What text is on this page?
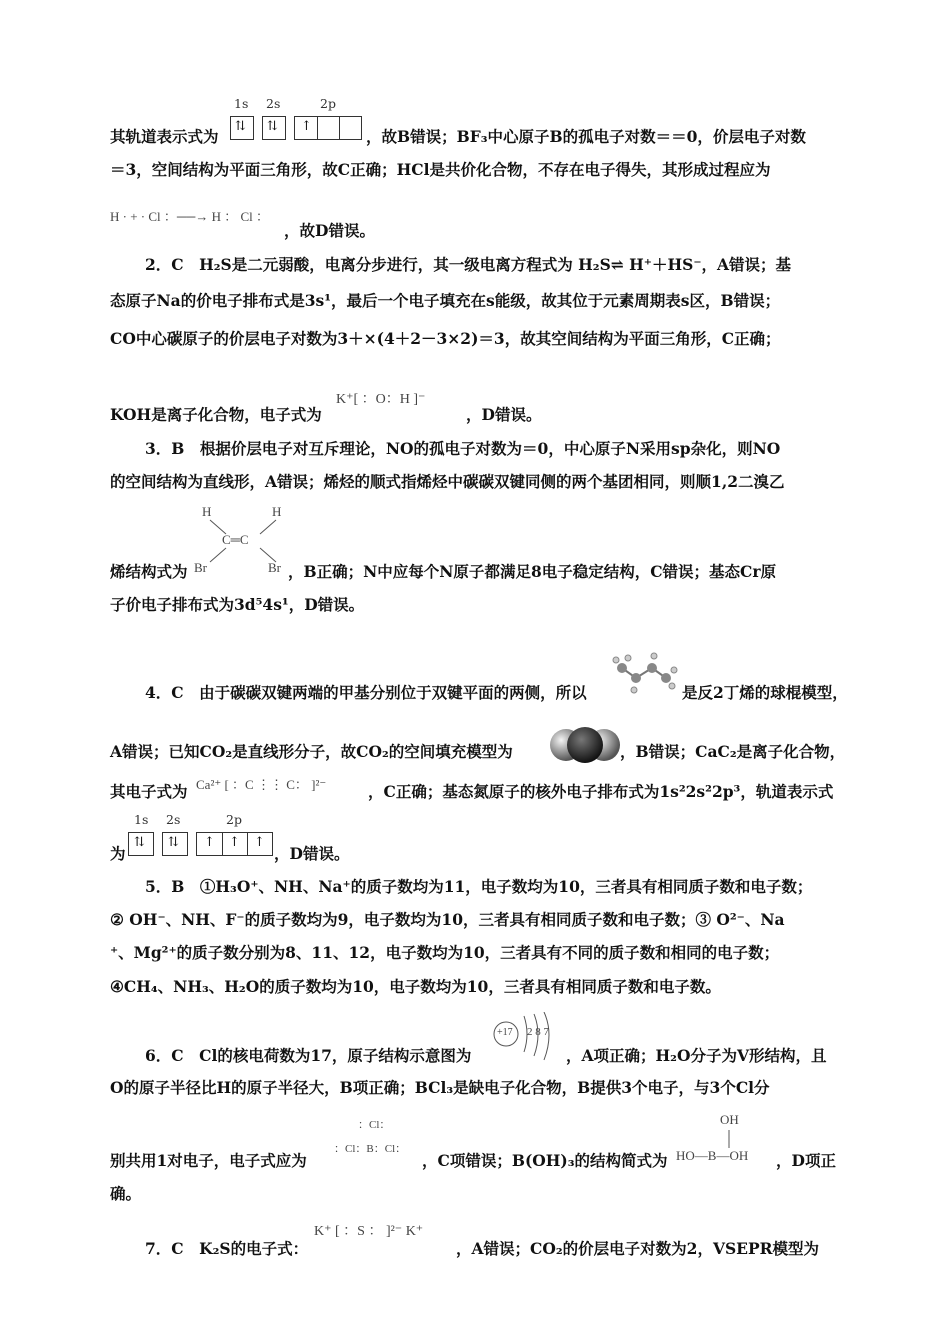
1s 2s	2p
⇅ ⇅ ↑
其轨道表示式为	，故B错误；BF₃中心原子B的孤电子对数＝＝0，价层电子对数
＝3，空间结构为平面三角形，故C正确；HCl是共价化合物，不存在电子得失，其形成过程应为
H · + · Cl ：──→ H ： Cl ：
，故D错误。
2．C　H₂S是二元弱酸，电离分步进行，其一级电离方程式为 H₂S⇌ H⁺＋HS⁻，A错误；基
态原子Na的价电子排布式是3s¹，最后一个电子填充在s能级，故其位于元素周期表s区，B错误；
CO中心碳原子的价层电子对数为3＋×(4＋2－3×2)＝3，故其空间结构为平面三角形，C正确；
K⁺[ ：O：H ]⁻
KOH是离子化合物，电子式为	，D错误。
3．B　根据价层电子对互斥理论，NO的孤电子对数为＝0，中心原子N采用sp杂化，则NO
的空间结构为直线形，A错误；烯烃的顺式指烯烃中碳碳双键同侧的两个基团相同，则顺1,2二溴乙
H	H
C═C
Br	Br
烯结构式为	，B正确；N中应每个N原子都满足8电子稳定结构，C错误；基态Cr原
子价电子排布式为3d⁵4s¹，D错误。
4．C　由于碳碳双键两端的甲基分别位于双键平面的两侧，所以	是反2丁烯的球棍模型，
A错误；已知CO₂是直线形分子，故CO₂的空间填充模型为	，B错误；CaC₂是离子化合物，
Ca²⁺ [ ：C ⋮⋮ C： ]²⁻
其电子式为	，C正确；基态氮原子的核外电子排布式为1s²2s²2p³，轨道表示式
1s 2s	2p
⇅ ⇅ ↑ ↑ ↑
为	，D错误。
5．B　①H₃O⁺、NH、Na⁺的质子数均为11，电子数均为10，三者具有相同质子数和电子数；
② OH⁻、NH、F⁻的质子数均为9，电子数均为10，三者具有相同质子数和电子数；③ O²⁻、Na
⁺、Mg²⁺的质子数分别为8、11、12，电子数均为10，三者具有不同的质子数和相同的电子数；
④CH₄、NH₃、H₂O的质子数均为10，电子数均为10，三者具有相同质子数和电子数。
+17 2 8 7
6．C　Cl的核电荷数为17，原子结构示意图为	，A项正确；H₂O分子为V形结构，且
O的原子半径比H的原子半径大，B项正确；BCl₃是缺电子化合物，B提供3个电子，与3个Cl分
：Cl：
：Cl：B：Cl：
OH
HO—B—OH
别共用1对电子，电子式应为	，C项错误；B(OH)₃的结构简式为	，D项正
确。
K⁺ [ ：S ： ]²⁻ K⁺
7．C　K₂S的电子式：	，A错误；CO₂的价层电子对数为2，VSEPR模型为
